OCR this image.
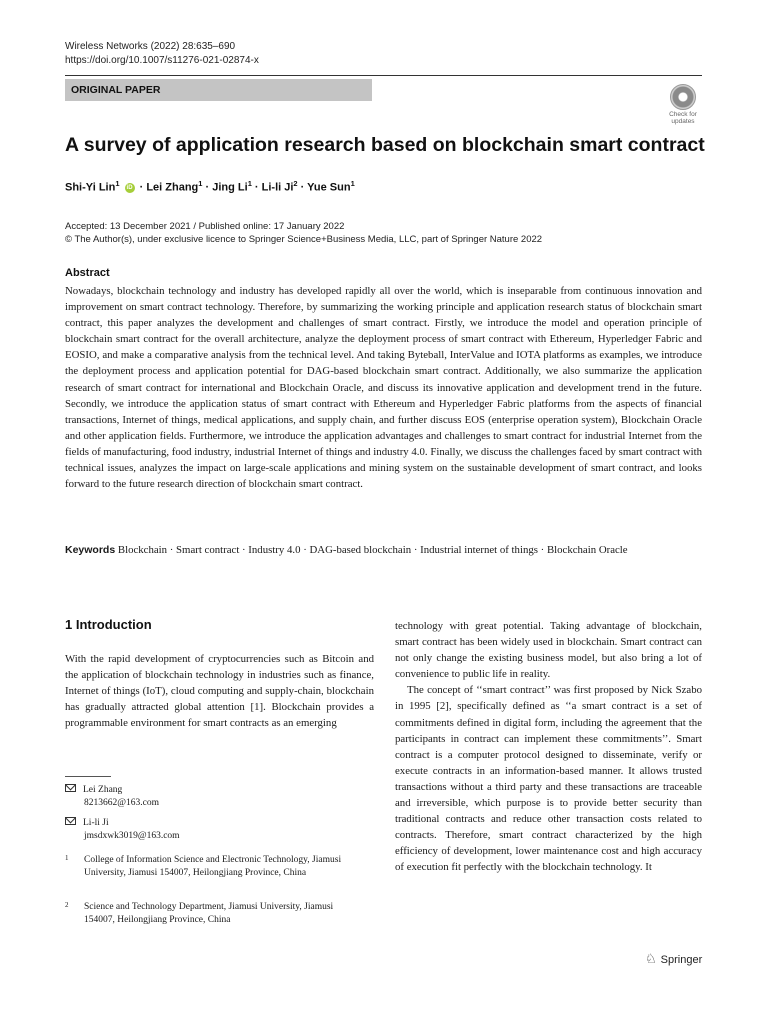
Wireless Networks (2022) 28:635–690
https://doi.org/10.1007/s11276-021-02874-x
ORIGINAL PAPER
Check for updates
A survey of application research based on blockchain smart contract
Shi-Yi Lin$^1$ iD · Lei Zhang$^1$ · Jing $Li^1 \cdot Li-li$ $Ji^2$ · Yue Sun$^1$
Accepted: 13 December 2021 / Published online: 17 January 2022
© The Author(s), under exclusive licence to Springer Science+Business Media, LLC, part of Springer Nature 2022
Abstract

Nowadays, blockchain technology and industry has developed rapidly all over the world, which is inseparable from continuous innovation and improvement on smart contract technology. Therefore, by summarizing the working principle and application research status of blockchain smart contract, this paper analyzes the development and challenges of smart contract. Firstly, we introduce the model and operation principle of blockchain smart contract for the overall architecture, analyze the deployment process of smart contract with Ethereum, Hyperledger Fabric and EOSIO, and make a comparative analysis from the technical level. And taking Byteball, InterValue and IOTA platforms as examples, we introduce the deployment process and application potential for DAG-based blockchain smart contract. Additionally, we also summarize the application research of smart contract for international and Blockchain Oracle, and discuss its innovative application and development trend in the future. Secondly, we introduce the application status of smart contract with Ethereum and Hyperledger Fabric platforms from the aspects of financial transactions, Internet of things, medical applications, and supply chain, and further discuss EOS (enterprise operation system), Blockchain Oracle and other application fields. Furthermore, we introduce the application advantages and challenges to smart contract for industrial Internet from the fields of manufacturing, food industry, industrial Internet of things and industry 4.0. Finally, we discuss the challenges faced by smart contract with technical issues, analyzes the impact on large-scale applications and mining system on the sustainable development of smart contract, and looks forward to the future research direction of blockchain smart contract.

Keywords Blockchain · Smart contract · Industry 4.0 · DAG-based blockchain · Industrial internet of things · Blockchain Oracle
1 Introduction

With the rapid development of cryptocurrencies such as Bitcoin and the application of blockchain technology in industries such as finance, Internet of things (IoT), cloud computing and supply-chain, blockchain has gradually attracted global attention [1]. Blockchain provides a programmable environment for smart contracts as an emerging

technology with great potential. Taking advantage of blockchain, smart contract has been widely used in blockchain. Smart contract can not only change the existing business model, but also bring a lot of convenience to public life in reality.

The concept of ‘‘smart contract’’ was first proposed by Nick Szabo in 1995 [2], specifically defined as ‘‘a smart contract is a set of commitments defined in digital form, including the agreement that the participants in contract can implement these commitments’’. Smart contract is a computer protocol designed to disseminate, verify or execute contracts in an information-based manner. It allows trusted transactions without a third party and these transactions are traceable and irreversible, which purpose is to provide better security than traditional contracts and reduce other transaction costs related to contracts. Therefore, smart contract characterized by the high efficiency of development, lower maintenance cost and high accuracy of execution fit perfectly with the blockchain technology. It

Lei Zhang
8213662@163.com
Li-li Ji
jmsdxwk3019@163.com
1	College of Information Science and Electronic Technology, Jiamusi University, Jiamusi 154007, Heilongjiang Province, China
2	Science and Technology Department, Jiamusi University, Jiamusi 154007, Heilongjiang Province, China
♘ Springer
